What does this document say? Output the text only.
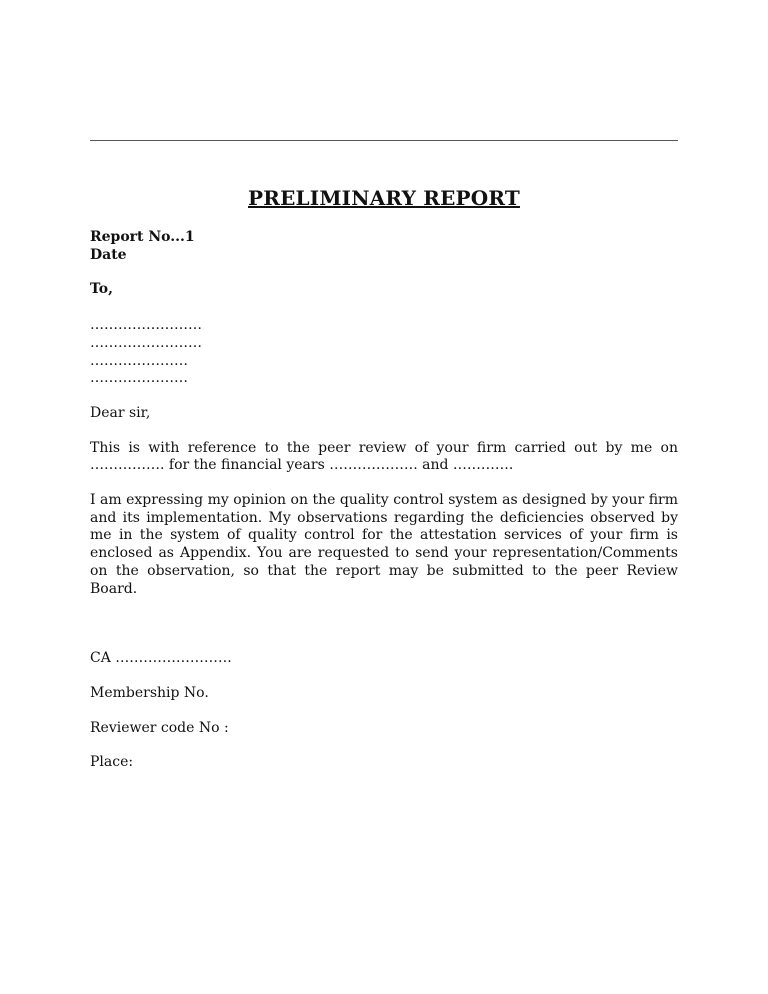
PRELIMINARY REPORT
Report No...1
Date
To,
……………………
……………………
…………………
…………………
Dear sir,
This is with reference to the peer review of your firm carried out by me on
……………. for the financial years ………………. and ………….
I am expressing my opinion on the quality control system as designed by your firm and its implementation. My observations regarding the deficiencies observed by me in the system of quality control for the attestation services of your firm is enclosed as Appendix. You are requested to send your representation/Comments on the observation, so that the report may be submitted to the peer Review Board.
CA …………………….
Membership No.
Reviewer code No :
Place:
